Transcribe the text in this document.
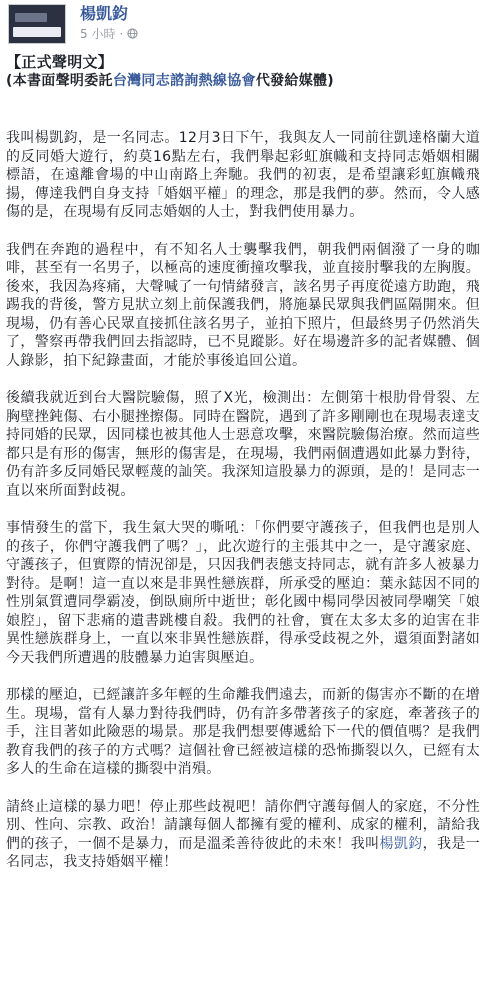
楊凱鈞
5 小時 ·

【正式聲明文】

(本書面聲明委託台灣同志諮詢熱線協會代發給媒體)

我叫楊凱鈞，是一名同志。12月3日下午，我與友人一同前往凱達格蘭大道的反同婚大遊行，約莫16點左右，我們舉起彩虹旗幟和支持同志婚姻相關標語，在遠離會場的中山南路上奔馳。我們的初衷，是希望讓彩虹旗幟飛揚，傳達我們自身支持「婚姻平權」的理念，那是我們的夢。然而，令人感傷的是，在現場有反同志婚姻的人士，對我們使用暴力。

我們在奔跑的過程中，有不知名人士襲擊我們，朝我們兩個潑了一身的咖啡，甚至有一名男子，以極高的速度衝撞攻擊我，並直接肘擊我的左胸腹。後來，我因為疼痛，大聲喊了一句情緒發言，該名男子再度從遠方助跑，飛踢我的背後，警方見狀立刻上前保護我們，將施暴民眾與我們區隔開來。但現場，仍有善心民眾直接抓住該名男子，並拍下照片，但最終男子仍然消失了，警察再帶我們回去指認時，已不見蹤影。好在場邊許多的記者媒體、個人錄影，拍下紀錄畫面，才能於事後追回公道。

後續我就近到台大醫院驗傷，照了X光，檢測出：左側第十根肋骨骨裂、左胸壁挫鈍傷、右小腿挫擦傷。同時在醫院，遇到了許多剛剛也在現場表達支持同婚的民眾，因同樣也被其他人士惡意攻擊，來醫院驗傷治療。然而這些都只是有形的傷害，無形的傷害是，在現場，我們兩個遭遇如此暴力對待，仍有許多反同婚民眾輕蔑的訕笑。我深知這股暴力的源頭，是的！是同志一直以來所面對歧視。

事情發生的當下，我生氣大哭的嘶吼：「你們要守護孩子，但我們也是別人的孩子，你們守護我們了嗎？」，此次遊行的主張其中之一，是守護家庭、守護孩子，但實際的情況卻是，只因我們表態支持同志，就有許多人被暴力對待。是啊！這一直以來是非異性戀族群，所承受的壓迫：葉永鋕因不同的性別氣質遭同學霸凌，倒臥廁所中逝世；彰化國中楊同學因被同學嘲笑「娘娘腔」，留下悲痛的遺書跳樓自殺。我們的社會，實在太多太多的迫害在非異性戀族群身上，一直以來非異性戀族群，得承受歧視之外，還須面對諸如今天我們所遭遇的肢體暴力迫害與壓迫。

那樣的壓迫，已經讓許多年輕的生命離我們遠去，而新的傷害亦不斷的在增生。現場，當有人暴力對待我們時，仍有許多帶著孩子的家庭，牽著孩子的手，注目著如此險惡的場景。那是我們想要傳遞給下一代的價值嗎？是我們教育我們的孩子的方式嗎？這個社會已經被這樣的恐怖撕裂以久，已經有太多人的生命在這樣的撕裂中消殞。

請終止這樣的暴力吧！停止那些歧視吧！請你們守護每個人的家庭，不分性別、性向、宗教、政治！請讓每個人都擁有愛的權利、成家的權利，請給我們的孩子，一個不是暴力，而是溫柔善待彼此的未來！我叫楊凱鈞，我是一名同志，我支持婚姻平權！
